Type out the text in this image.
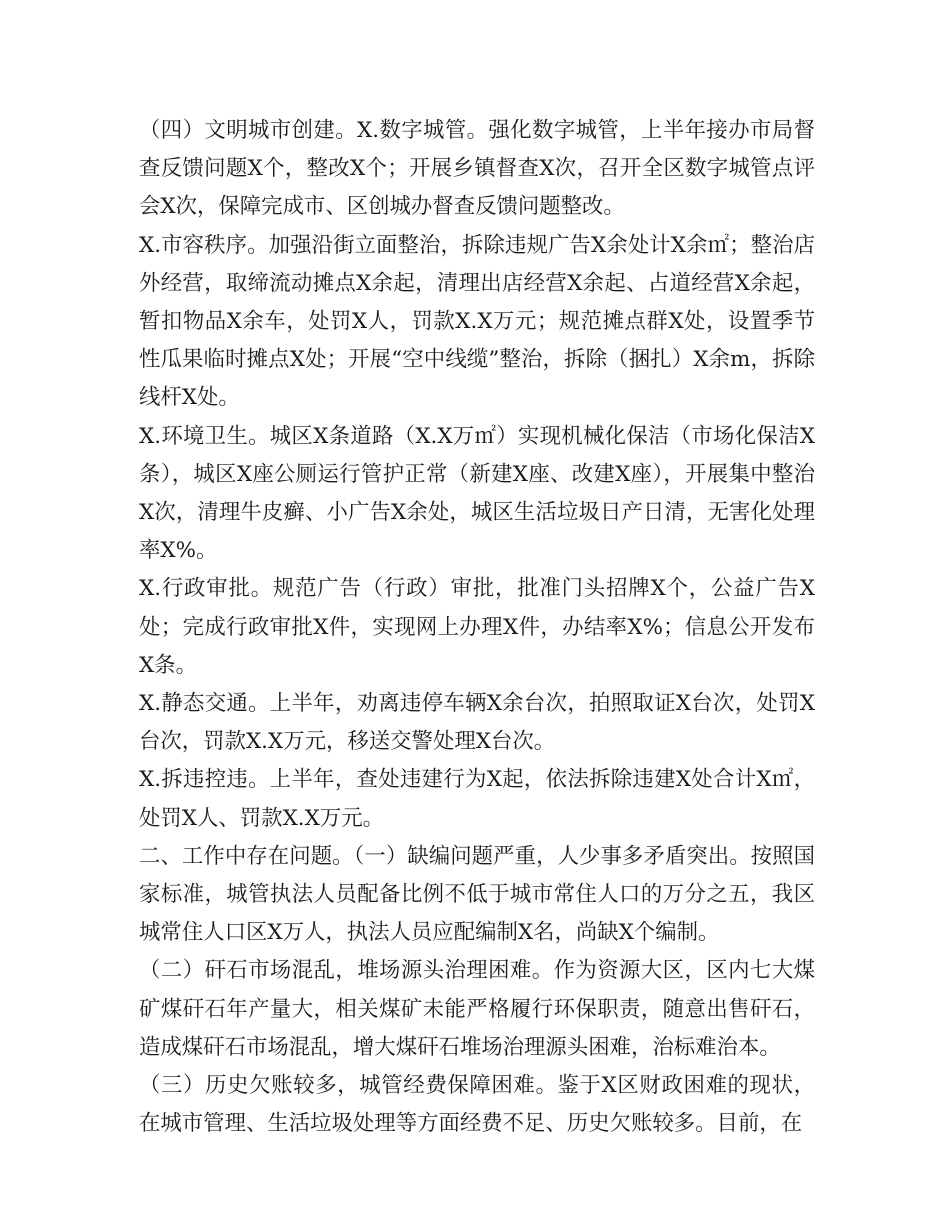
（四）文明城市创建。X.数字城管。强化数字城管，上半年接办市局督查反馈问题X个，整改X个；开展乡镇督查X次，召开全区数字城管点评会X次，保障完成市、区创城办督查反馈问题整改。

X.市容秩序。加强沿街立面整治，拆除违规广告X余处计X余㎡；整治店外经营，取缔流动摊点X余起，清理出店经营X余起、占道经营X余起，暂扣物品X余车，处罚X人，罚款X.X万元；规范摊点群X处，设置季节性瓜果临时摊点X处；开展“空中线缆”整治，拆除（捆扎）X余m，拆除线杆X处。

X.环境卫生。城区X条道路（X.X万㎡）实现机械化保洁（市场化保洁X条），城区X座公厕运行管护正常（新建X座、改建X座），开展集中整治X次，清理牛皮癣、小广告X余处，城区生活垃圾日产日清，无害化处理率X%。

X.行政审批。规范广告（行政）审批，批准门头招牌X个，公益广告X处；完成行政审批X件，实现网上办理X件，办结率X%；信息公开发布X条。

X.静态交通。上半年，劝离违停车辆X余台次，拍照取证X台次，处罚X台次，罚款X.X万元，移送交警处理X台次。

X.拆违控违。上半年，查处违建行为X起，依法拆除违建X处合计X㎡，处罚X人、罚款X.X万元。

二、工作中存在问题。（一）缺编问题严重，人少事多矛盾突出。按照国家标准，城管执法人员配备比例不低于城市常住人口的万分之五，我区城常住人口区X万人，执法人员应配编制X名，尚缺X个编制。

（二）矸石市场混乱，堆场源头治理困难。作为资源大区，区内七大煤矿煤矸石年产量大，相关煤矿未能严格履行环保职责，随意出售矸石，造成煤矸石市场混乱，增大煤矸石堆场治理源头困难，治标难治本。

（三）历史欠账较多，城管经费保障困难。鉴于X区财政困难的现状，在城市管理、生活垃圾处理等方面经费不足、历史欠账较多。目前，在
